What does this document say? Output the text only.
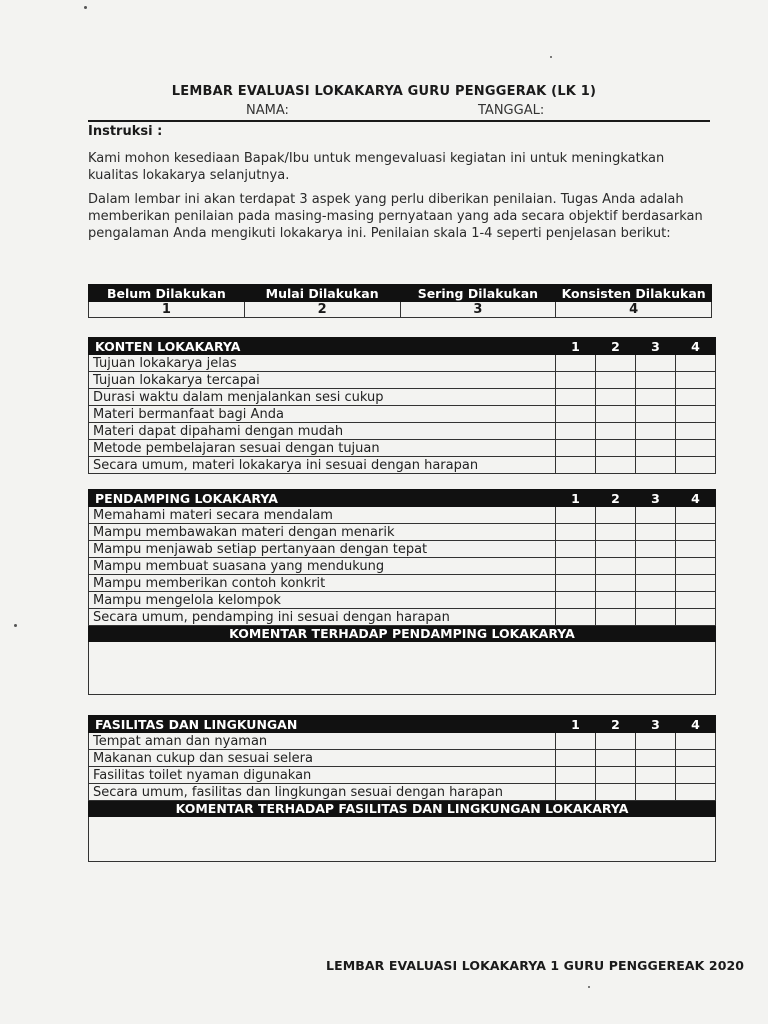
LEMBAR EVALUASI LOKAKARYA GURU PENGGERAK (LK 1)
NAMA:	TANGGAL:
Instruksi :
Kami mohon kesediaan Bapak/Ibu untuk mengevaluasi kegiatan ini untuk meningkatkan kualitas lokakarya selanjutnya.
Dalam lembar ini akan terdapat 3 aspek yang perlu diberikan penilaian. Tugas Anda adalah memberikan penilaian pada masing-masing pernyataan yang ada secara objektif berdasarkan pengalaman Anda mengikuti lokakarya ini. Penilaian skala 1-4 seperti penjelasan berikut:
Belum Dilakukan	Mulai Dilakukan	Sering Dilakukan	Konsisten Dilakukan
1	2	3	4
KONTEN LOKAKARYA	1	2	3	4
Tujuan lokakarya jelas				
Tujuan lokakarya tercapai				
Durasi waktu dalam menjalankan sesi cukup				
Materi bermanfaat bagi Anda				
Materi dapat dipahami dengan mudah				
Metode pembelajaran sesuai dengan tujuan				
Secara umum, materi lokakarya ini sesuai dengan harapan				
PENDAMPING LOKAKARYA	1	2	3	4
Memahami materi secara mendalam				
Mampu membawakan materi dengan menarik				
Mampu menjawab setiap pertanyaan dengan tepat				
Mampu membuat suasana yang mendukung				
Mampu memberikan contoh konkrit				
Mampu mengelola kelompok				
Secara umum, pendamping ini sesuai dengan harapan				
KOMENTAR TERHADAP PENDAMPING LOKAKARYA				

FASILITAS DAN LINGKUNGAN	1	2	3	4
Tempat aman dan nyaman				
Makanan cukup dan sesuai selera				
Fasilitas toilet nyaman digunakan				
Secara umum, fasilitas dan lingkungan sesuai dengan harapan				
KOMENTAR TERHADAP FASILITAS DAN LINGKUNGAN LOKAKARYA				

LEMBAR EVALUASI LOKAKARYA 1 GURU PENGGEREAK 2020
